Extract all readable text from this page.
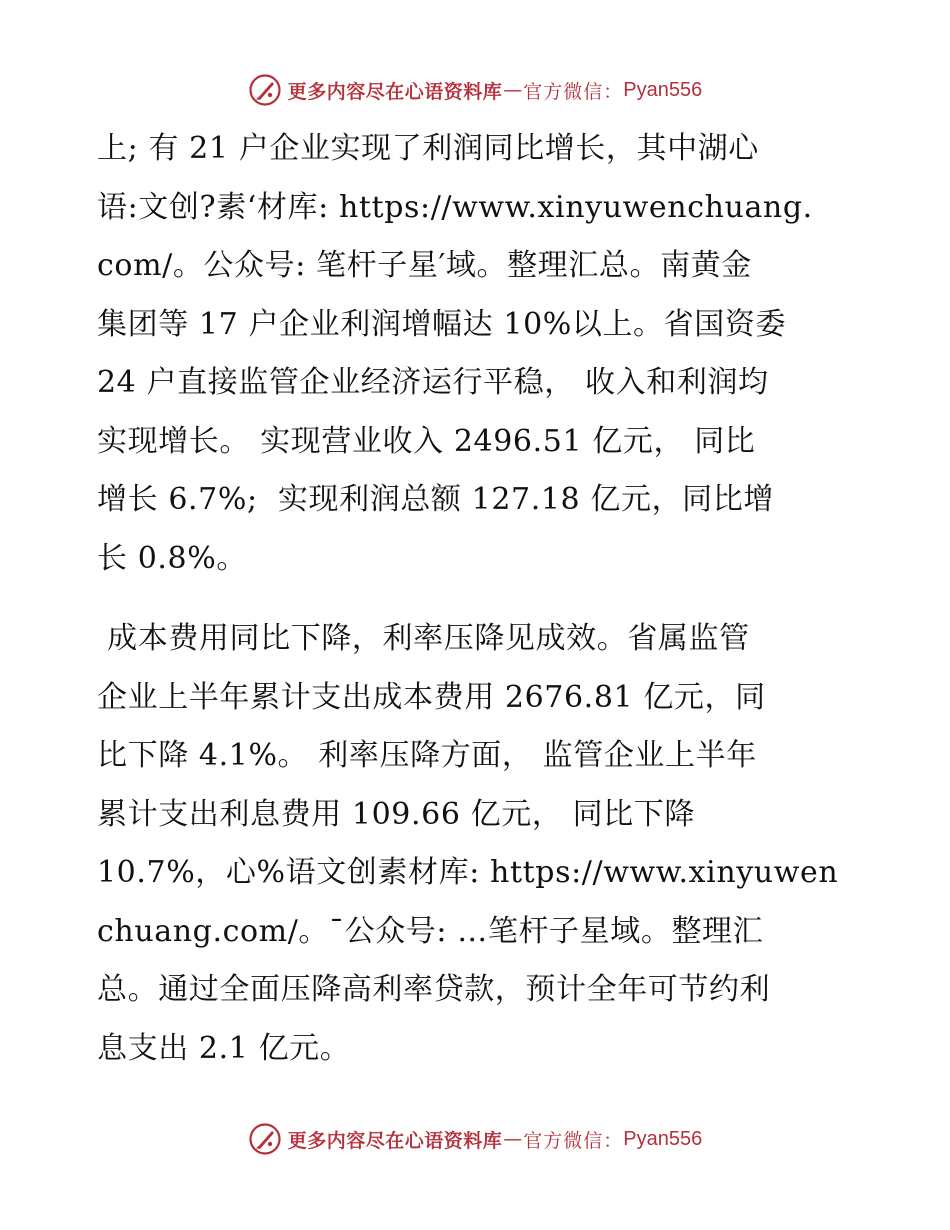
更多内容尽在心语资料库 — 官方微信： Pyan556
上; 有 21 户企业实现了利润同比增长，其中湖心
语:文创?素‘材库: https://www.xinyuwenchuang.
com/。公众号: 笔杆子星′域。整理汇总。南黄金
集团等 17 户企业利润增幅达 10%以上。省国资委
24 户直接监管企业经济运行平稳， 收入和利润均
实现增长。 实现营业收入 2496.51 亿元， 同比
增长 6.7%;  实现利润总额 127.18 亿元，同比增
长 0.8%。
成本费用同比下降，利率压降见成效。省属监管
企业上半年累计支出成本费用 2676.81 亿元，同
比下降 4.1%。 利率压降方面， 监管企业上半年
累计支出利息费用 109.66 亿元， 同比下降
10.7%，心%语文创素材库: https://www.xinyuwen
chuang.com/。¯公众号: …笔杆子星域。整理汇
总。通过全面压降高利率贷款，预计全年可节约利
息支出 2.1 亿元。
更多内容尽在心语资料库 — 官方微信： Pyan556
